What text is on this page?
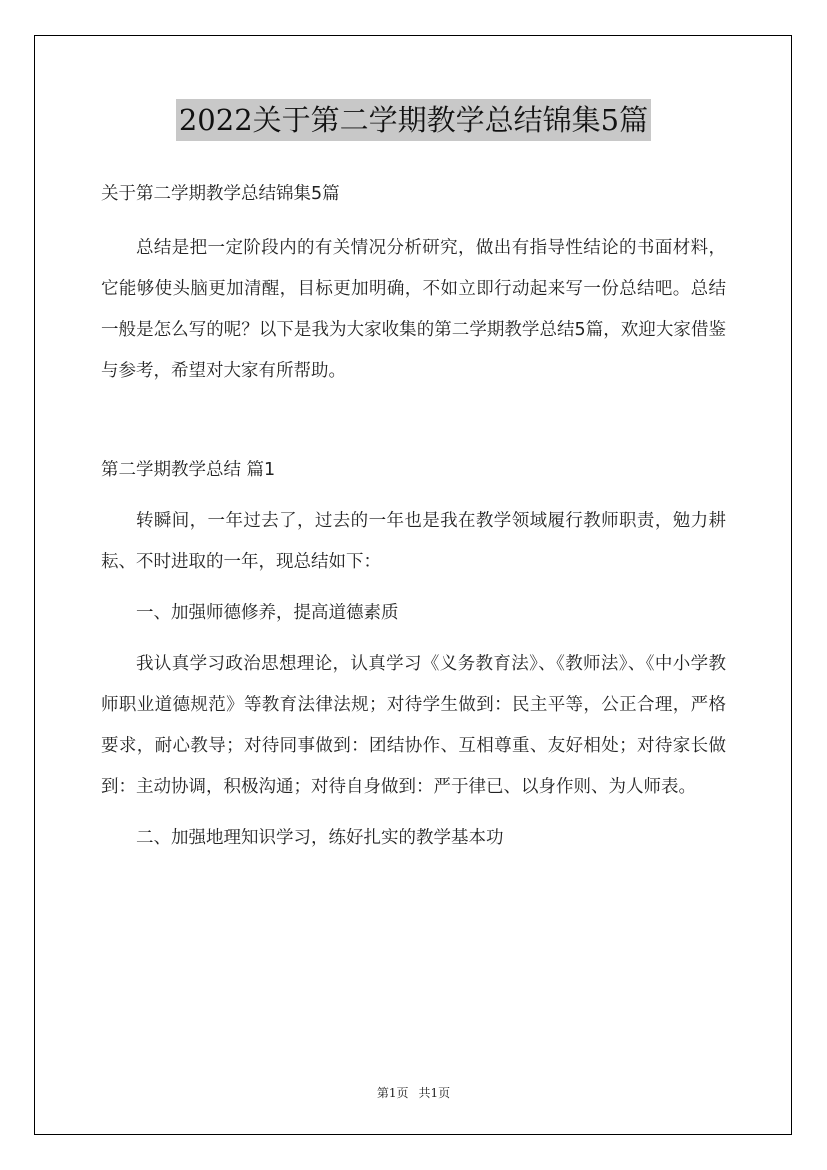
2022关于第二学期教学总结锦集5篇

关于第二学期教学总结锦集5篇

总结是把一定阶段内的有关情况分析研究，做出有指导性结论的书面材料，它能够使头脑更加清醒，目标更加明确，不如立即行动起来写一份总结吧。总结一般是怎么写的呢？以下是我为大家收集的第二学期教学总结5篇，欢迎大家借鉴与参考，希望对大家有所帮助。

第二学期教学总结 篇1

转瞬间，一年过去了，过去的一年也是我在教学领域履行教师职责，勉力耕耘、不时进取的一年，现总结如下：

一、加强师德修养，提高道德素质

我认真学习政治思想理论，认真学习《义务教育法》、《教师法》、《中小学教师职业道德规范》等教育法律法规；对待学生做到：民主平等，公正合理，严格要求，耐心教导；对待同事做到：团结协作、互相尊重、友好相处；对待家长做到：主动协调，积极沟通；对待自身做到：严于律已、以身作则、为人师表。

二、加强地理知识学习，练好扎实的教学基本功

第1页 共1页
